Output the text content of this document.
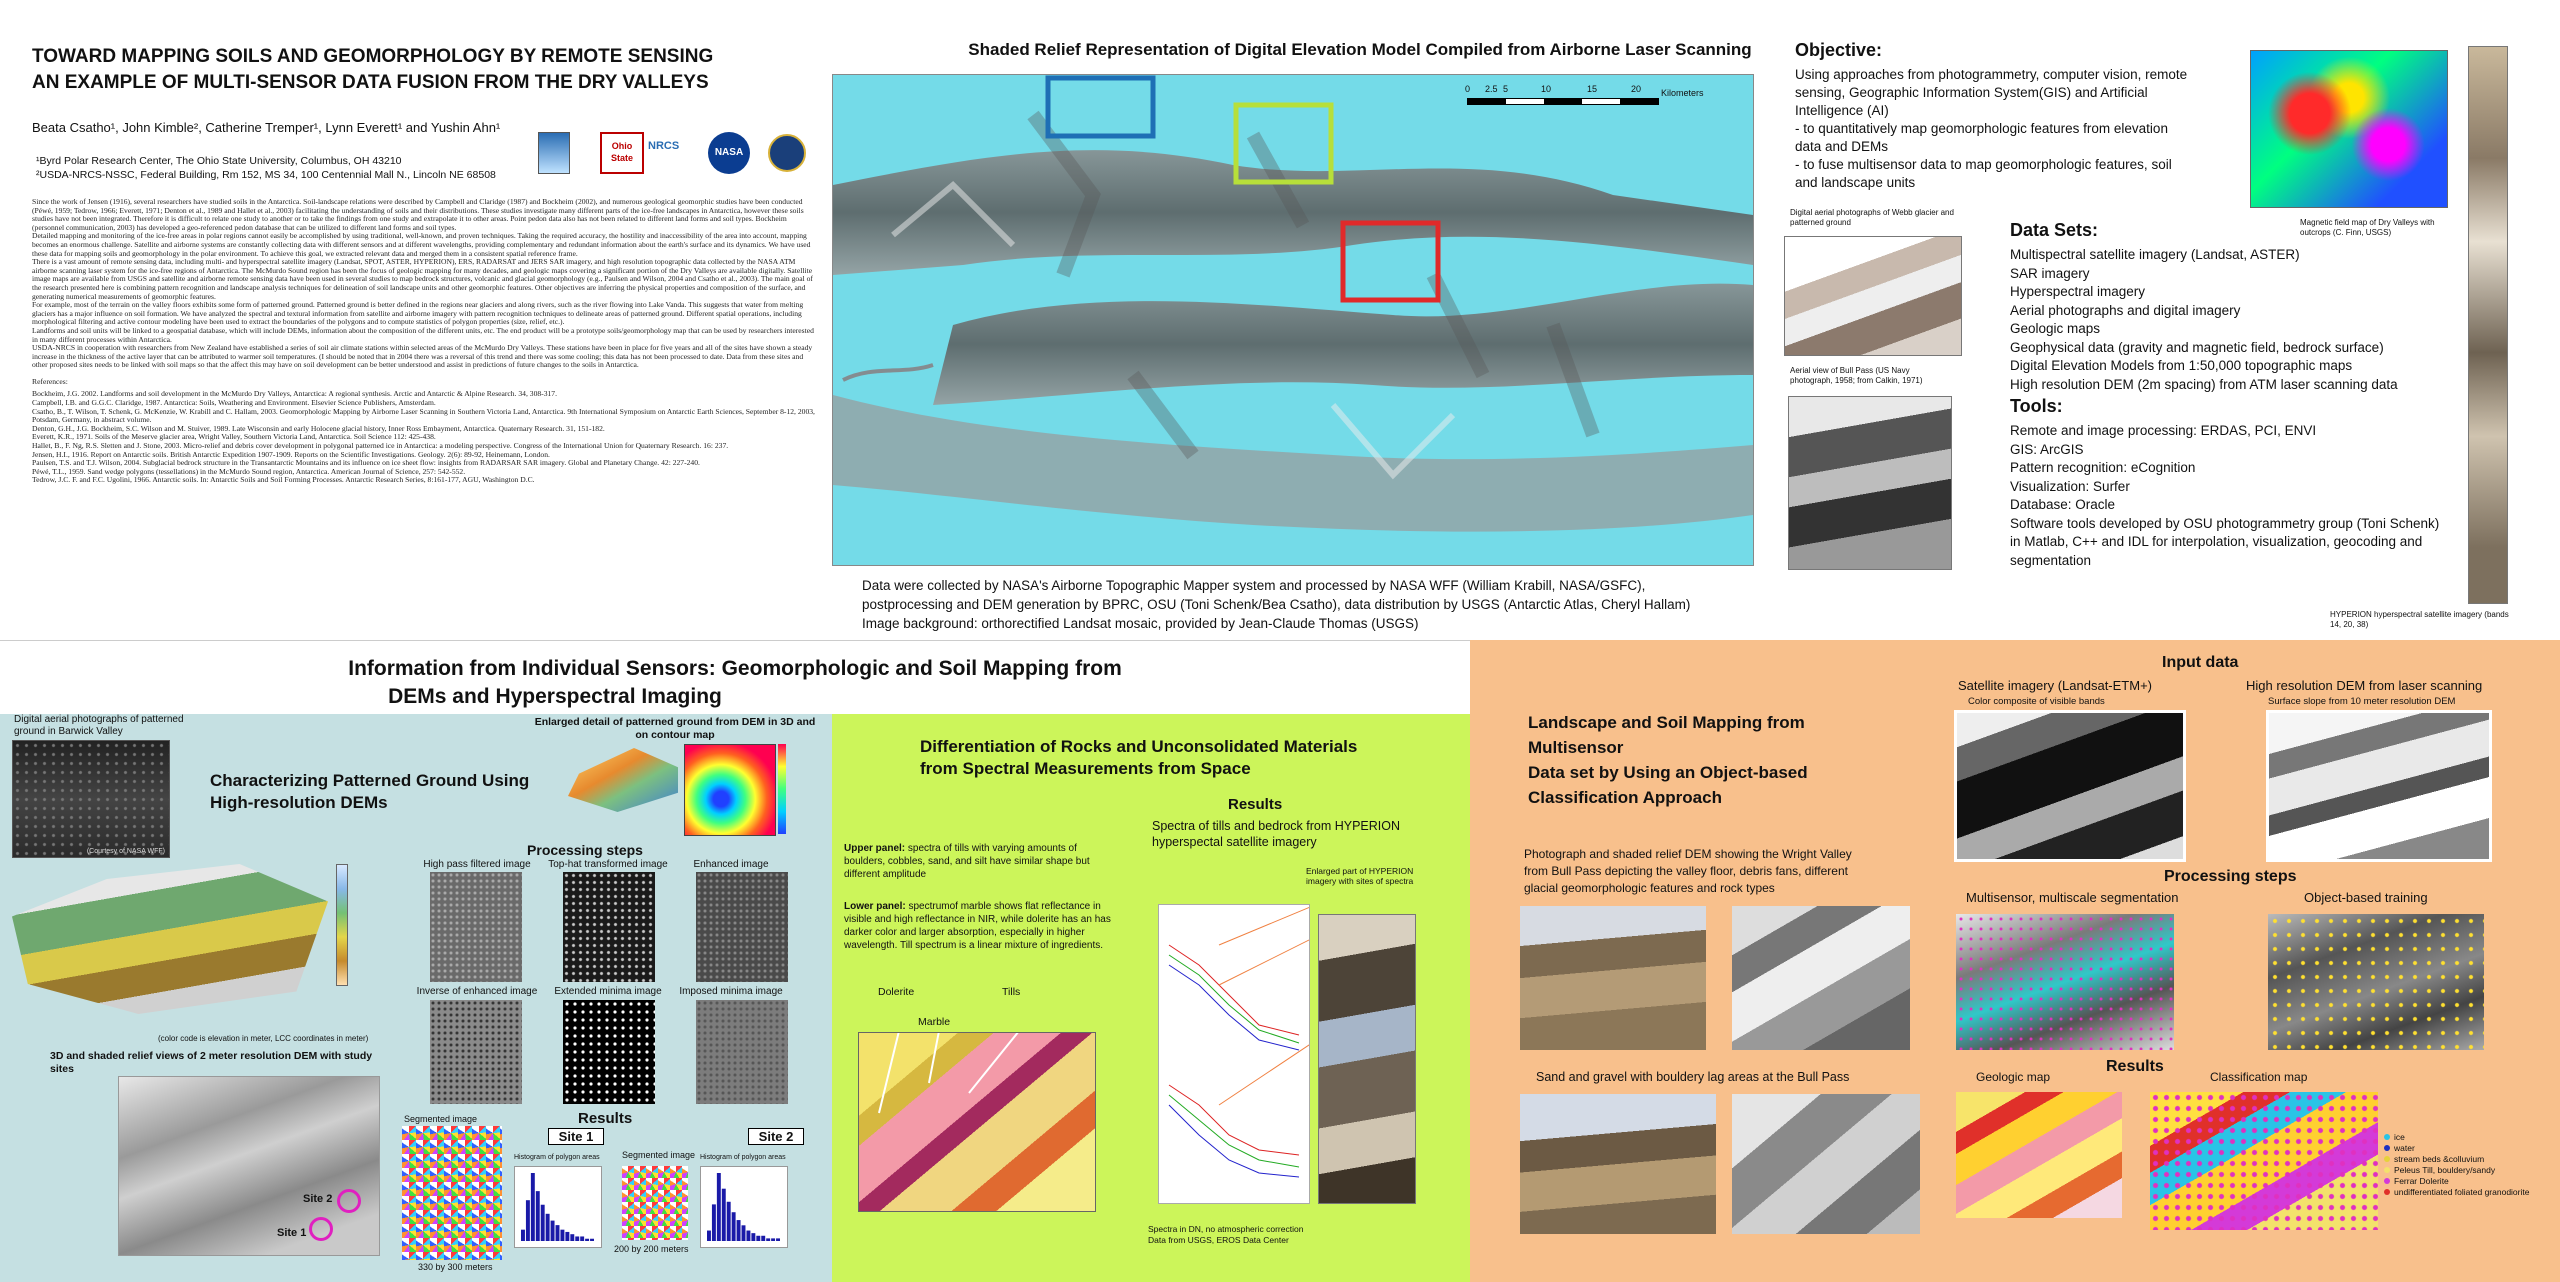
TOWARD MAPPING SOILS AND GEOMORPHOLOGY BY REMOTE SENSING
AN EXAMPLE OF MULTI-SENSOR DATA FUSION FROM THE DRY VALLEYS
Beata Csatho¹, John Kimble², Catherine Tremper¹, Lynn Everett¹ and Yushin Ahn¹
¹Byrd Polar Research Center, The Ohio State University, Columbus, OH 43210
²USDA-NRCS-NSSC, Federal Building, Rm 152, MS 34, 100 Centennial Mall N., Lincoln NE 68508
Ohio State
NRCS
NASA
Since the work of Jensen (1916), several researchers have studied soils in the Antarctica. Soil-landscape relations were described by Campbell and Claridge (1987) and Bockheim (2002), and numerous geological geomorphic studies have been conducted (Péwé, 1959; Tedrow, 1966; Everett, 1971; Denton et al., 1989 and Hallet et al., 2003) facilitating the understanding of soils and their distributions. These studies investigate many different parts of the ice-free landscapes in Antarctica, however these soils studies have not been integrated. Therefore it is difficult to relate one study to another or to take the findings from one study and extrapolate it to other areas. Point pedon data also has not been related to different land forms and soil types. Bockheim (personnel communication, 2003) has developed a geo-referenced pedon database that can be utilized to different land forms and soil types.
Detailed mapping and monitoring of the ice-free areas in polar regions cannot easily be accomplished by using traditional, well-known, and proven techniques. Taking the required accuracy, the hostility and inaccessibility of the area into account, mapping becomes an enormous challenge. Satellite and airborne systems are constantly collecting data with different sensors and at different wavelengths, providing complementary and redundant information about the earth's surface and its dynamics. We have used these data for mapping soils and geomorphology in the polar environment. To achieve this goal, we extracted relevant data and merged them in a consistent spatial reference frame.
There is a vast amount of remote sensing data, including multi- and hyperspectral satellite imagery (Landsat, SPOT, ASTER, HYPERION), ERS, RADARSAT and JERS SAR imagery, and high resolution topographic data collected by the NASA ATM airborne scanning laser system for the ice-free regions of Antarctica. The McMurdo Sound region has been the focus of geologic mapping for many decades, and geologic maps covering a significant portion of the Dry Valleys are available digitally. Satellite image maps are available from USGS and satellite and airborne remote sensing data have been used in several studies to map bedrock structures, volcanic and glacial geomorphology (e.g., Paulsen and Wilson, 2004 and Csatho et al., 2003). The main goal of the research presented here is combining pattern recognition and landscape analysis techniques for delineation of soil landscape units and other geomorphic features. Other objectives are inferring the physical properties and composition of the surface, and generating numerical measurements of geomorphic features.
For example, most of the terrain on the valley floors exhibits some form of patterned ground. Patterned ground is better defined in the regions near glaciers and along rivers, such as the river flowing into Lake Vanda. This suggests that water from melting glaciers has a major influence on soil formation. We have analyzed the spectral and textural information from satellite and airborne imagery with pattern recognition techniques to delineate areas of patterned ground. Different spatial operations, including morphological filtering and active contour modeling have been used to extract the boundaries of the polygons and to compute statistics of polygon properties (size, relief, etc.).
Landforms and soil units will be linked to a geospatial database, which will include DEMs, information about the composition of the different units, etc. The end product will be a prototype soils/geomorphology map that can be used by researchers interested in many different processes within Antarctica.
USDA-NRCS in cooperation with researchers from New Zealand have established a series of soil air climate stations within selected areas of the McMurdo Dry Valleys. These stations have been in place for five years and all of the sites have shown a steady increase in the thickness of the active layer that can be attributed to warmer soil temperatures. (I should be noted that in 2004 there was a reversal of this trend and there was some cooling; this data has not been processed to date. Data from these sites and other proposed sites needs to be linked with soil maps so that the affect this may have on soil development can be better understood and assist in predictions of future changes to the soils in Antarctica.
References:
Bockheim, J.G. 2002. Landforms and soil development in the McMurdo Dry Valleys, Antarctica: A regional synthesis. Arctic and Antarctic & Alpine Research. 34, 308-317.
Campbell, I.B. and G.G.C. Claridge, 1987. Antarctica: Soils, Weathering and Environment. Elsevier Science Publishers, Amsterdam.
Csatho, B., T. Wilson, T. Schenk, G. McKenzie, W. Krabill and C. Hallam, 2003. Geomorphologic Mapping by Airborne Laser Scanning in Southern Victoria Land, Antarctica. 9th International Symposium on Antarctic Earth Sciences, September 8-12, 2003, Potsdam, Germany, in abstract volume.
Denton, G.H., J.G. Bockheim, S.C. Wilson and M. Stuiver, 1989. Late Wisconsin and early Holocene glacial history, Inner Ross Embayment, Antarctica. Quaternary Research. 31, 151-182.
Everett, K.R., 1971. Soils of the Meserve glacier area, Wright Valley, Southern Victoria Land, Antarctica. Soil Science 112: 425-438.
Hallet, B., F. Ng, R.S. Sletten and J. Stone, 2003. Micro-relief and debris cover development in polygonal patterned ice in Antarctica: a modeling perspective. Congress of the International Union for Quaternary Research. 16: 237.
Jensen, H.I., 1916. Report on Antarctic soils. British Antarctic Expedition 1907-1909. Reports on the Scientific Investigations. Geology. 2(6): 89-92, Heinemann, London.
Paulsen, T.S. and T.J. Wilson, 2004. Subglacial bedrock structure in the Transantarctic Mountains and its influence on ice sheet flow: insights from RADARSAR SAR imagery. Global and Planetary Change. 42: 227-240.
Péwé, T.L., 1959. Sand wedge polygons (tessellations) in the McMurdo Sound region, Antarctica. American Journal of Science, 257: 542-552.
Tedrow, J.C. F. and F.C. Ugolini, 1966. Antarctic soils. In: Antarctic Soils and Soil Forming Processes. Antarctic Research Series, 8:161-177, AGU, Washington D.C.
Shaded Relief Representation of Digital Elevation Model Compiled from Airborne Laser Scanning
0 2.5 5	10	15	20 Kilometers
Data were collected by NASA's Airborne Topographic Mapper system and processed by NASA WFF (William Krabill, NASA/GSFC),
postprocessing and DEM generation by BPRC, OSU (Toni Schenk/Bea Csatho), data distribution by USGS (Antarctic Atlas, Cheryl Hallam)
Image background: orthorectified Landsat mosaic, provided by Jean-Claude Thomas (USGS)
Objective:
Using approaches from photogrammetry, computer vision, remote
sensing, Geographic Information System(GIS) and Artificial
Intelligence (AI)
- to quantitatively map geomorphologic features from elevation
data and DEMs
- to fuse multisensor data to map geomorphologic features, soil
and landscape units
Magnetic field map of Dry Valleys with outcrops (C. Finn, USGS)
Digital aerial photographs of Webb glacier and patterned ground
Aerial view of Bull Pass (US Navy photograph, 1958; from Calkin, 1971)
Data Sets:
Multispectral satellite imagery (Landsat, ASTER)
SAR imagery
Hyperspectral imagery
Aerial photographs and digital imagery
Geologic maps
Geophysical data (gravity and magnetic field, bedrock surface)
Digital Elevation Models from 1:50,000 topographic maps
High resolution DEM (2m spacing) from ATM laser scanning data
Tools:
Remote and image processing: ERDAS, PCI, ENVI
GIS: ArcGIS
Pattern recognition: eCognition
Visualization: Surfer
Database: Oracle
Software tools developed by OSU photogrammetry group (Toni Schenk)
in Matlab, C++ and IDL for interpolation, visualization, geocoding and
segmentation
HYPERION hyperspectral satellite imagery (bands 14, 20, 38)
Information from Individual Sensors: Geomorphologic and Soil Mapping from
DEMs and Hyperspectral Imaging
Digital aerial photographs of patterned ground in Barwick Valley
(Courtesy of NASA WFF)
Enlarged detail of patterned ground from DEM in 3D and on contour map
Characterizing Patterned Ground Using
High-resolution DEMs
(color code is elevation in meter, LCC coordinates in meter)
3D and shaded relief views of 2 meter resolution DEM with study sites
Site 2
Site 1
Processing steps
High pass filtered image	Top-hat transformed image	Enhanced image
Inverse of enhanced image	Extended minima image	Imposed minima image
Results
Segmented image
Site 1
Histogram of polygon areas Segmented image
Site 2
Histogram of polygon areas
330 by 300 meters
200 by 200 meters
Differentiation of Rocks and Unconsolidated Materials
from Spectral Measurements from Space
Results
Spectra of tills and bedrock from HYPERION
hyperspectal satellite imagery
Upper panel: spectra of tills with varying amounts of boulders, cobbles, sand, and silt have similar shape but different amplitude
Lower panel: spectrumof marble shows flat reflectance in visible and high reflectance in NIR, while dolerite has an has darker color and larger absorption, especially in higher wavelength. Till spectrum is a linear mixture of ingredients.
Dolerite	Tills
Marble
Enlarged part of HYPERION imagery with sites of spectra
Spectra in DN, no atmospheric correction
Data from USGS, EROS Data Center
Landscape and Soil Mapping from Multisensor
Data set by Using an Object-based
Classification Approach
Input data
Satellite imagery (Landsat-ETM+)
Color composite of visible bands
High resolution DEM from laser scanning
Surface slope from 10 meter resolution DEM
Photograph and shaded relief DEM showing the Wright Valley
from Bull Pass depicting the valley floor, debris fans, different
glacial geomorphologic features and rock types
Sand and gravel with bouldery lag areas at the Bull Pass
Processing steps
Multisensor, multiscale segmentation	Object-based training
Results
Geologic map	Classification map
ice
water
stream beds &colluvium
Peleus Till, bouldery/sandy
Ferrar Dolerite
undifferentiated foliated granodiorite
